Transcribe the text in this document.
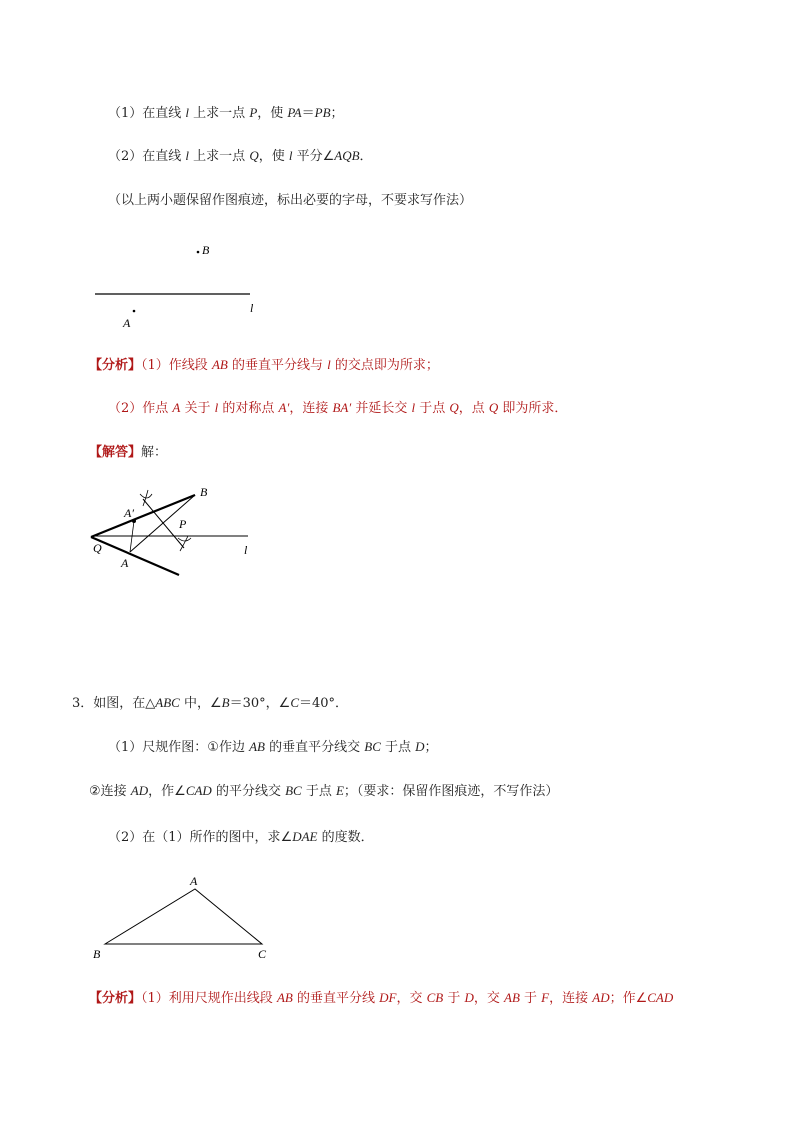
（1）在直线 l 上求一点 P，使 PA＝PB；
（2）在直线 l 上求一点 Q，使 l 平分∠AQB．
（以上两小题保留作图痕迹，标出必要的字母，不要求写作法）
B
A
l
【分析】（1）作线段 AB 的垂直平分线与 l 的交点即为所求；
（2）作点 A 关于 l 的对称点 A′，连接 BA′ 并延长交 l 于点 Q，点 Q 即为所求．
【解答】解：
B
A′
P
Q
A
l
3．如图，在△ABC 中，∠B＝30°，∠C＝40°．
（1）尺规作图：①作边 AB 的垂直平分线交 BC 于点 D；
②连接 AD，作∠CAD 的平分线交 BC 于点 E；（要求：保留作图痕迹，不写作法）
（2）在（1）所作的图中，求∠DAE 的度数．
A
B	C
【分析】（1）利用尺规作出线段 AB 的垂直平分线 DF，交 CB 于 D，交 AB 于 F，连接 AD；作∠CAD
